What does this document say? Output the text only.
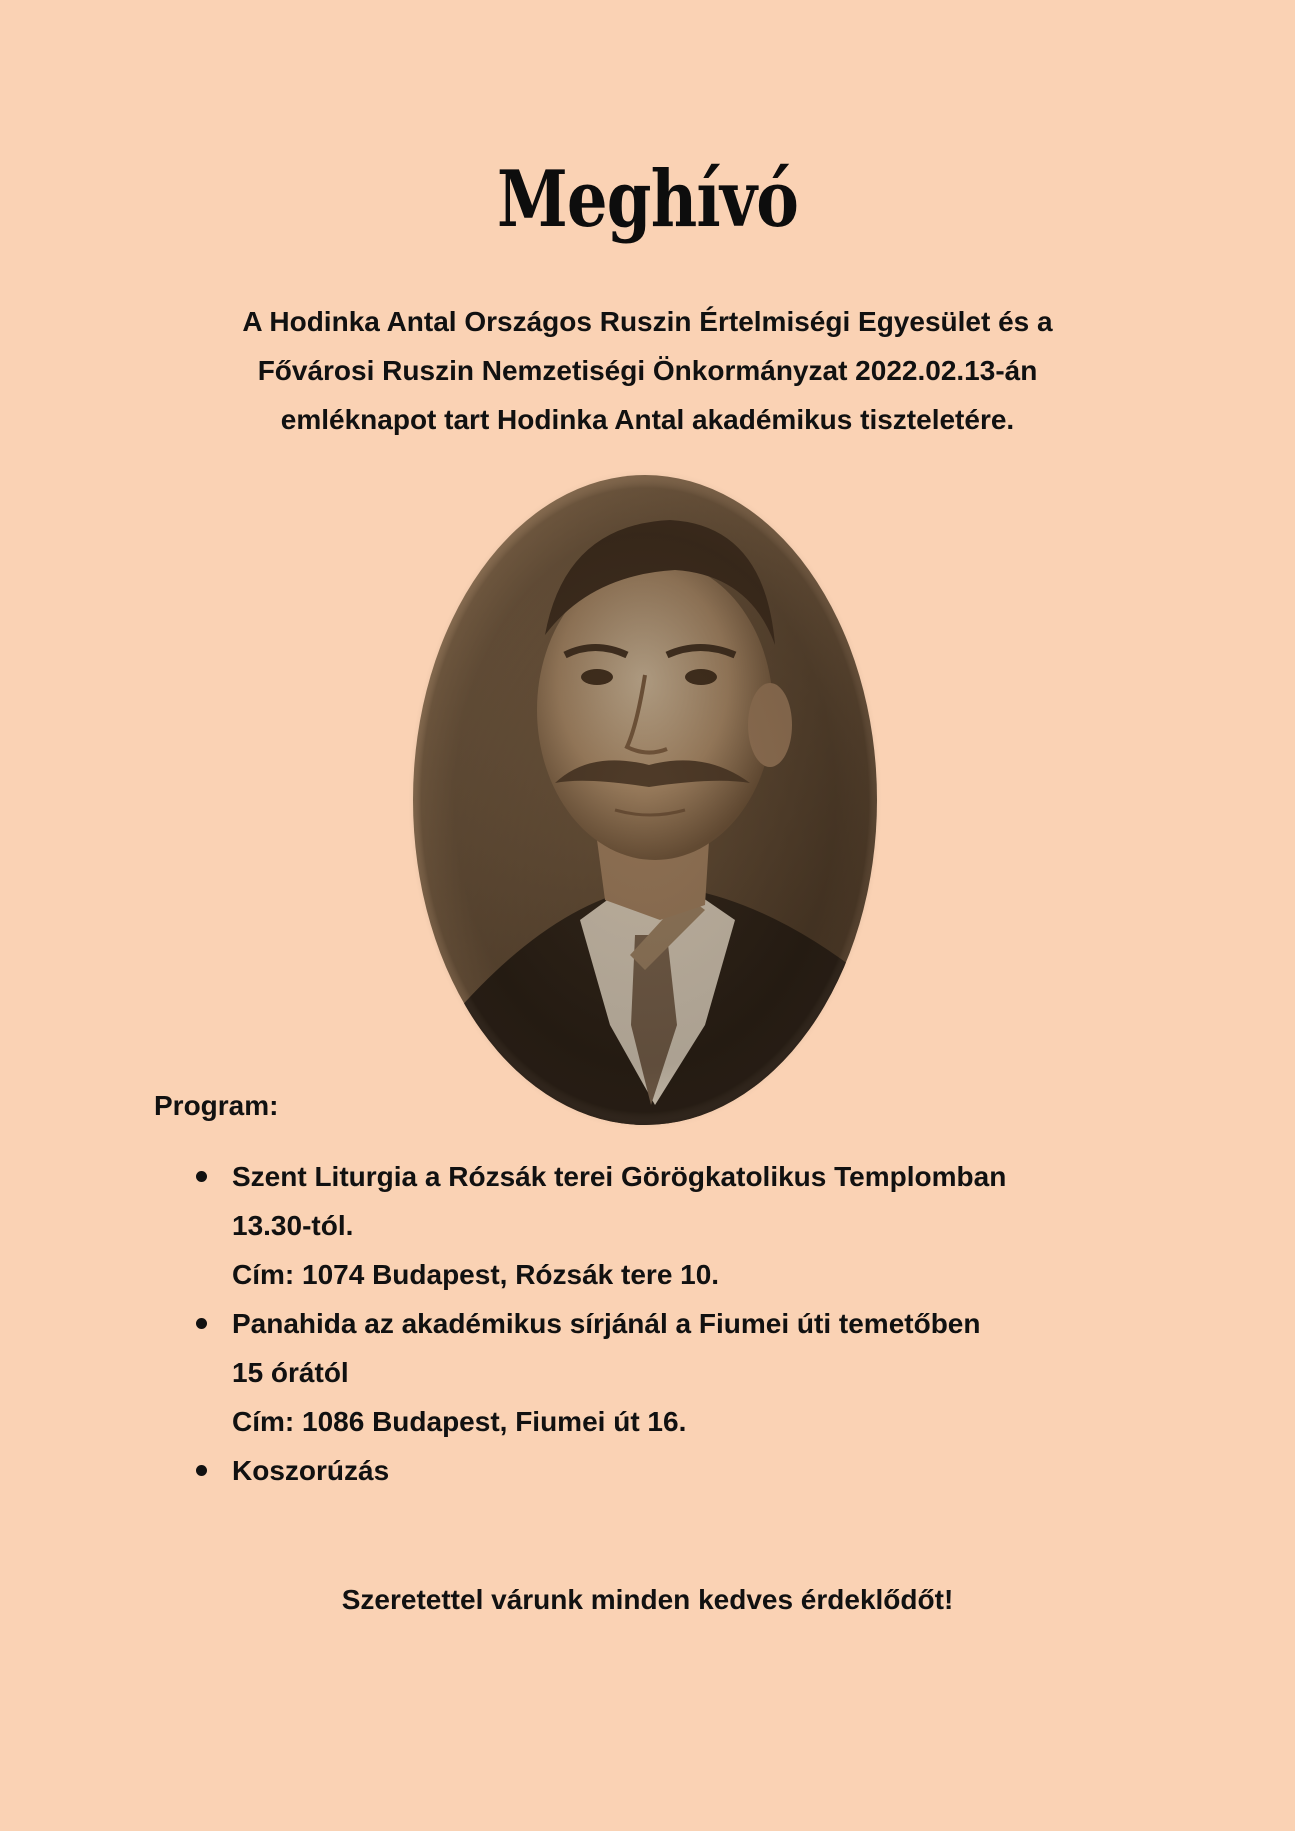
Meghívó
A Hodinka Antal Országos Ruszin Értelmiségi Egyesület és a
Fővárosi Ruszin Nemzetiségi Önkormányzat 2022.02.13-án
emléknapot tart Hodinka Antal akadémikus tiszteletére.
Program:
Szent Liturgia a Rózsák terei Görögkatolikus Templomban
13.30-tól.
Cím: 1074 Budapest, Rózsák tere 10.
Panahida az akadémikus sírjánál a Fiumei úti temetőben
15 órától
Cím: 1086 Budapest, Fiumei út 16.
Koszorúzás
Szeretettel várunk minden kedves érdeklődőt!
